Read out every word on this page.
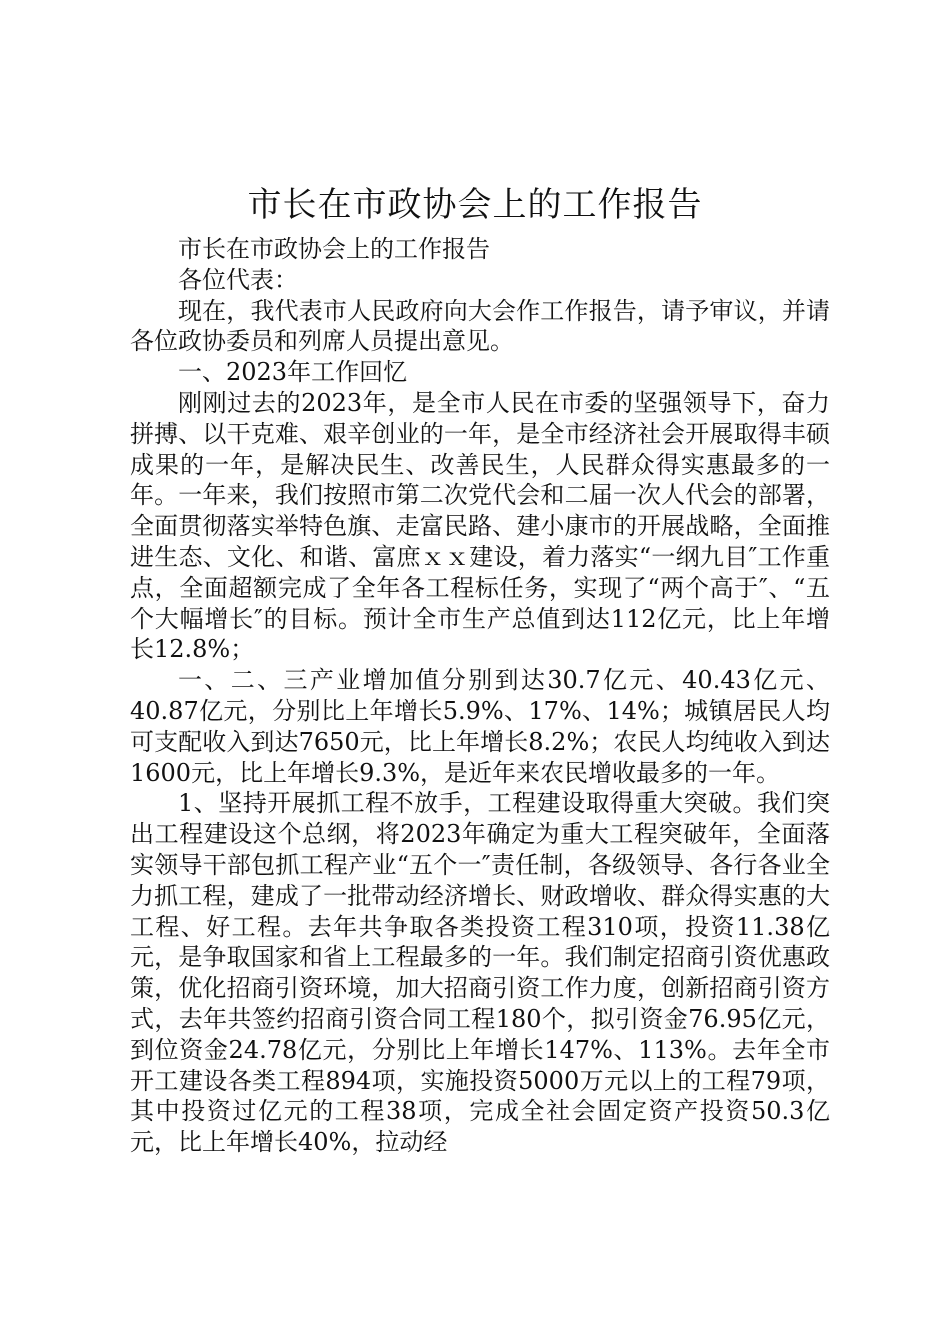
市长在市政协会上的工作报告

市长在市政协会上的工作报告

各位代表：

现在，我代表市人民政府向大会作工作报告，请予审议，并请各位政协委员和列席人员提出意见。

一、2023年工作回忆

刚刚过去的2023年，是全市人民在市委的坚强领导下，奋力拼搏、以干克难、艰辛创业的一年，是全市经济社会开展取得丰硕成果的一年，是解决民生、改善民生，人民群众得实惠最多的一年。一年来，我们按照市第二次党代会和二届一次人代会的部署，全面贯彻落实举特色旗、走富民路、建小康市的开展战略，全面推进生态、文化、和谐、富庶ｘｘ建设，着力落实“一纲九目″工作重点，全面超额完成了全年各工程标任务，实现了“两个高于″、“五个大幅增长″的目标。预计全市生产总值到达112亿元，比上年增长12.8%；

一、二、三产业增加值分别到达30.7亿元、40.43亿元、40.87亿元，分别比上年增长5.9%、17%、14%；城镇居民人均可支配收入到达7650元，比上年增长8.2%；农民人均纯收入到达1600元，比上年增长9.3%，是近年来农民增收最多的一年。

1、坚持开展抓工程不放手，工程建设取得重大突破。我们突出工程建设这个总纲，将2023年确定为重大工程突破年，全面落实领导干部包抓工程产业“五个一″责任制，各级领导、各行各业全力抓工程，建成了一批带动经济增长、财政增收、群众得实惠的大工程、好工程。去年共争取各类投资工程310项，投资11.38亿元，是争取国家和省上工程最多的一年。我们制定招商引资优惠政策，优化招商引资环境，加大招商引资工作力度，创新招商引资方式，去年共签约招商引资合同工程180个，拟引资金76.95亿元，到位资金24.78亿元，分别比上年增长147%、113%。去年全市开工建设各类工程894项，实施投资5000万元以上的工程79项，其中投资过亿元的工程38项，完成全社会固定资产投资50.3亿元，比上年增长40%，拉动经
